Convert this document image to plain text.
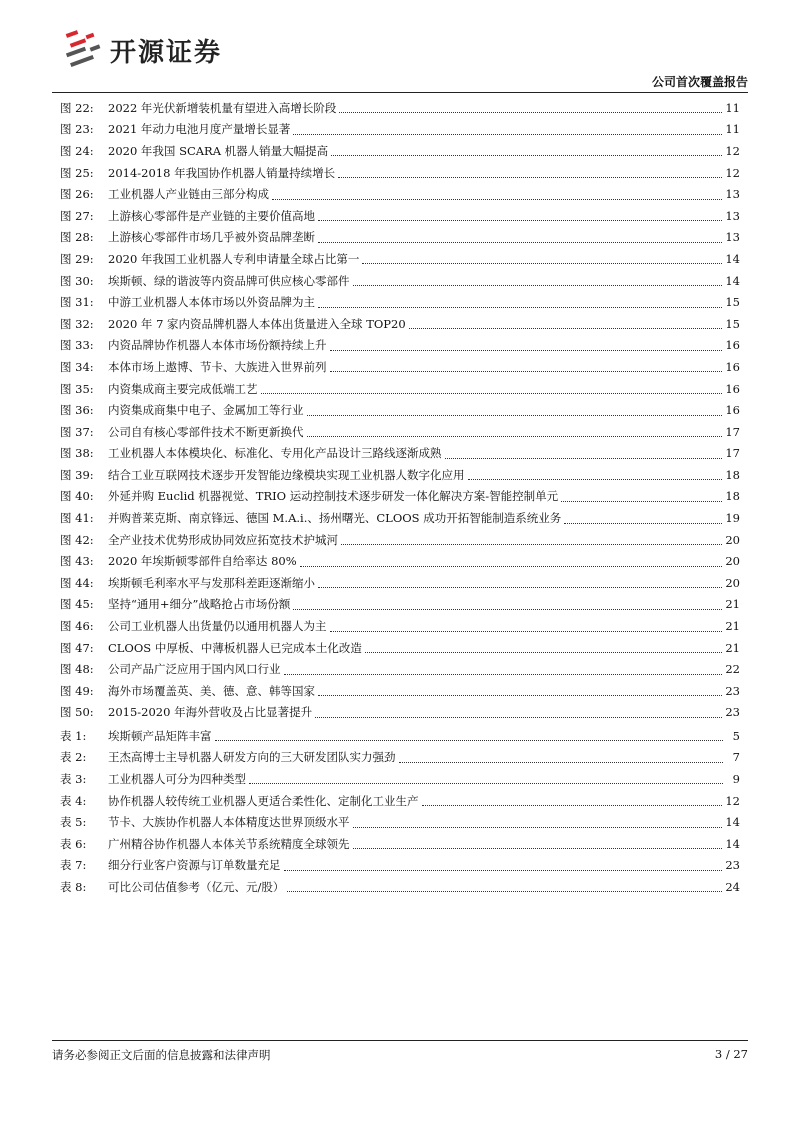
开源证券
公司首次覆盖报告
图 22:	2022 年光伏新增装机量有望进入高增长阶段	11
图 23:	2021 年动力电池月度产量增长显著	11
图 24:	2020 年我国 SCARA 机器人销量大幅提高	12
图 25:	2014-2018 年我国协作机器人销量持续增长	12
图 26:	工业机器人产业链由三部分构成	13
图 27:	上游核心零部件是产业链的主要价值高地	13
图 28:	上游核心零部件市场几乎被外资品牌垄断	13
图 29:	2020 年我国工业机器人专利申请量全球占比第一	14
图 30:	埃斯顿、绿的谐波等内资品牌可供应核心零部件	14
图 31:	中游工业机器人本体市场以外资品牌为主	15
图 32:	2020 年 7 家内资品牌机器人本体出货量进入全球 TOP20	15
图 33:	内资品牌协作机器人本体市场份额持续上升	16
图 34:	本体市场上遨博、节卡、大族进入世界前列	16
图 35:	内资集成商主要完成低端工艺	16
图 36:	内资集成商集中电子、金属加工等行业	16
图 37:	公司自有核心零部件技术不断更新换代	17
图 38:	工业机器人本体模块化、标准化、专用化产品设计三路线逐渐成熟	17
图 39:	结合工业互联网技术逐步开发智能边缘模块实现工业机器人数字化应用	18
图 40:	外延并购 Euclid 机器视觉、TRIO 运动控制技术逐步研发一体化解决方案-智能控制单元	18
图 41:	并购普莱克斯、南京锋远、德国 M.A.i.、扬州曙光、CLOOS 成功开拓智能制造系统业务	19
图 42:	全产业技术优势形成协同效应拓宽技术护城河	20
图 43:	2020 年埃斯顿零部件自给率达 80%	20
图 44:	埃斯顿毛利率水平与发那科差距逐渐缩小	20
图 45:	坚持“通用+细分”战略抢占市场份额	21
图 46:	公司工业机器人出货量仍以通用机器人为主	21
图 47:	CLOOS 中厚板、中薄板机器人已完成本土化改造	21
图 48:	公司产品广泛应用于国内风口行业	22
图 49:	海外市场覆盖英、美、德、意、韩等国家	23
图 50:	2015-2020 年海外营收及占比显著提升	23
表 1:	埃斯顿产品矩阵丰富	5
表 2:	王杰高博士主导机器人研发方向的三大研发团队实力强劲	7
表 3:	工业机器人可分为四种类型	9
表 4:	协作机器人较传统工业机器人更适合柔性化、定制化工业生产	12
表 5:	节卡、大族协作机器人本体精度达世界顶级水平	14
表 6:	广州精谷协作机器人本体关节系统精度全球领先	14
表 7:	细分行业客户资源与订单数量充足	23
表 8:	可比公司估值参考（亿元、元/股）	24
请务必参阅正文后面的信息披露和法律声明	3 / 27
